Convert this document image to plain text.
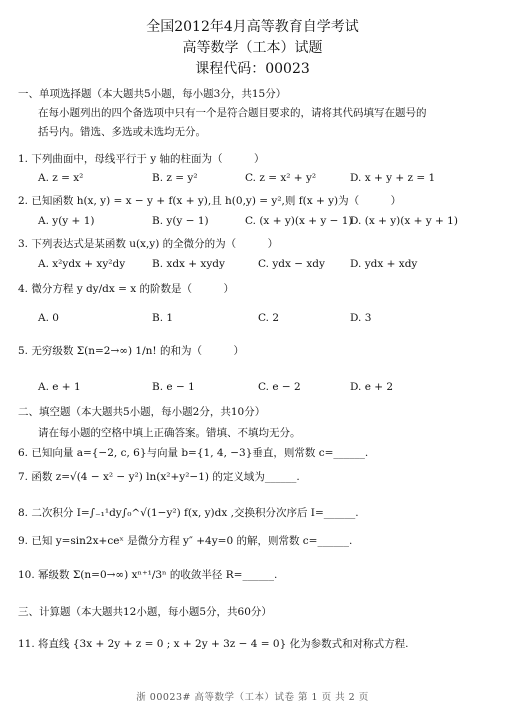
全国2012年4月高等教育自学考试
高等数学（工本）试题
课程代码：00023
一、单项选择题（本大题共5小题，每小题3分，共15分）
在每小题列出的四个备选项中只有一个是符合题目要求的，请将其代码填写在题号的
括号内。错选、多选或未选均无分。
1. 下列曲面中，母线平行于 y 轴的柱面为（　　　）
A. z = x²	B. z = y²	C. z = x² + y²	D. x + y + z = 1
2. 已知函数 h(x, y) = x − y + f(x + y),且 h(0,y) = y²,则 f(x + y)为（　　　）
A. y(y + 1)	B. y(y − 1)	C. (x + y)(x + y − 1)
D. (x + y)(x + y + 1)
3. 下列表达式是某函数 u(x,y) 的全微分的为（　　　）
A. x²ydx + xy²dy	B. xdx + xydy	C. ydx − xdy D. ydx + xdy
4. 微分方程 y dy/dx = x 的阶数是（　　　）
A. 0	B. 1	C. 2	D. 3
5. 无穷级数 Σ(n=2→∞) 1/n! 的和为（　　　）
A. e + 1	B. e − 1	C. e − 2	D. e + 2
二、填空题（本大题共5小题，每小题2分，共10分）
请在每小题的空格中填上正确答案。错填、不填均无分。
6. 已知向量 a={−2, c, 6}与向量 b={1, 4, −3}垂直，则常数 c=______.
7. 函数 z=√(4 − x² − y²) ln(x²+y²−1) 的定义域为______.
8. 二次积分 I=∫₋₁¹dy∫₀^√(1−y²) f(x, y)dx ,交换积分次序后 I=______.
9. 已知 y=sin2x+ceˣ 是微分方程 y″ +4y=0 的解，则常数 c=______.
10. 幂级数 Σ(n=0→∞) xⁿ⁺¹/3ⁿ 的收敛半径 R=______.
三、计算题（本大题共12小题，每小题5分，共60分）
11. 将直线 {3x + 2y + z = 0 ; x + 2y + 3z − 4 = 0} 化为参数式和对称式方程.
浙 00023# 高等数学（工本）试卷 第 1 页 共 2 页
